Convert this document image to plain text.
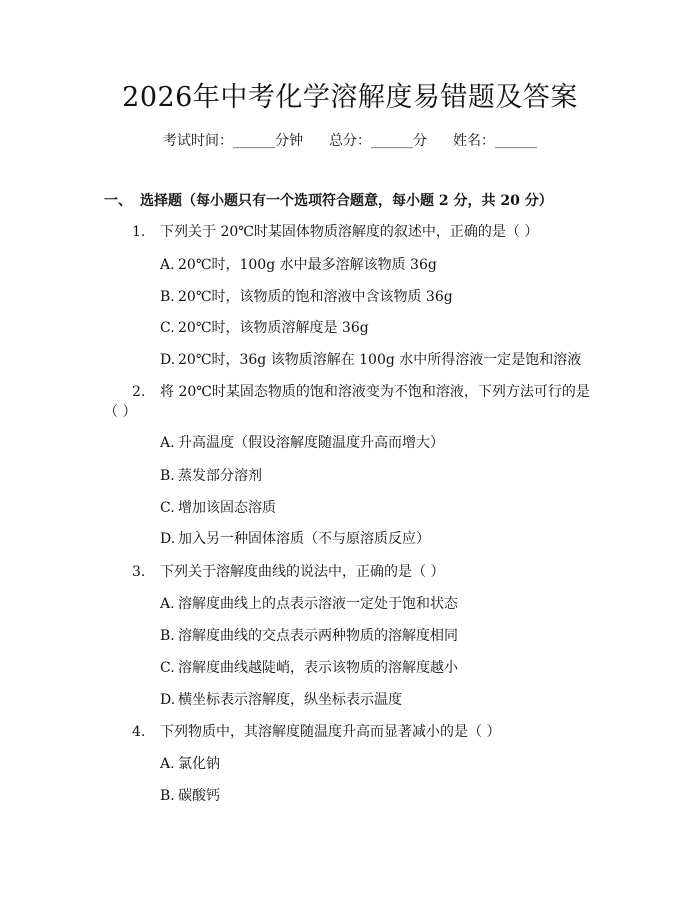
2026年中考化学溶解度易错题及答案
考试时间：______分钟 总分：______分 姓名：______
一、 选择题（每小题只有一个选项符合题意，每小题 2 分，共 20 分）
1. 下列关于 20℃时某固体物质溶解度的叙述中，正确的是（ ）
A. 20℃时，100g 水中最多溶解该物质 36g
B. 20℃时，该物质的饱和溶液中含该物质 36g
C. 20℃时，该物质溶解度是 36g
D. 20℃时，36g 该物质溶解在 100g 水中所得溶液一定是饱和溶液
2. 将 20℃时某固态物质的饱和溶液变为不饱和溶液，下列方法可行的是
（ ）
A. 升高温度（假设溶解度随温度升高而增大）
B. 蒸发部分溶剂
C. 增加该固态溶质
D. 加入另一种固体溶质（不与原溶质反应）
3. 下列关于溶解度曲线的说法中，正确的是（ ）
A. 溶解度曲线上的点表示溶液一定处于饱和状态
B. 溶解度曲线的交点表示两种物质的溶解度相同
C. 溶解度曲线越陡峭，表示该物质的溶解度越小
D. 横坐标表示溶解度，纵坐标表示温度
4. 下列物质中，其溶解度随温度升高而显著减小的是（ ）
A. 氯化钠
B. 碳酸钙
